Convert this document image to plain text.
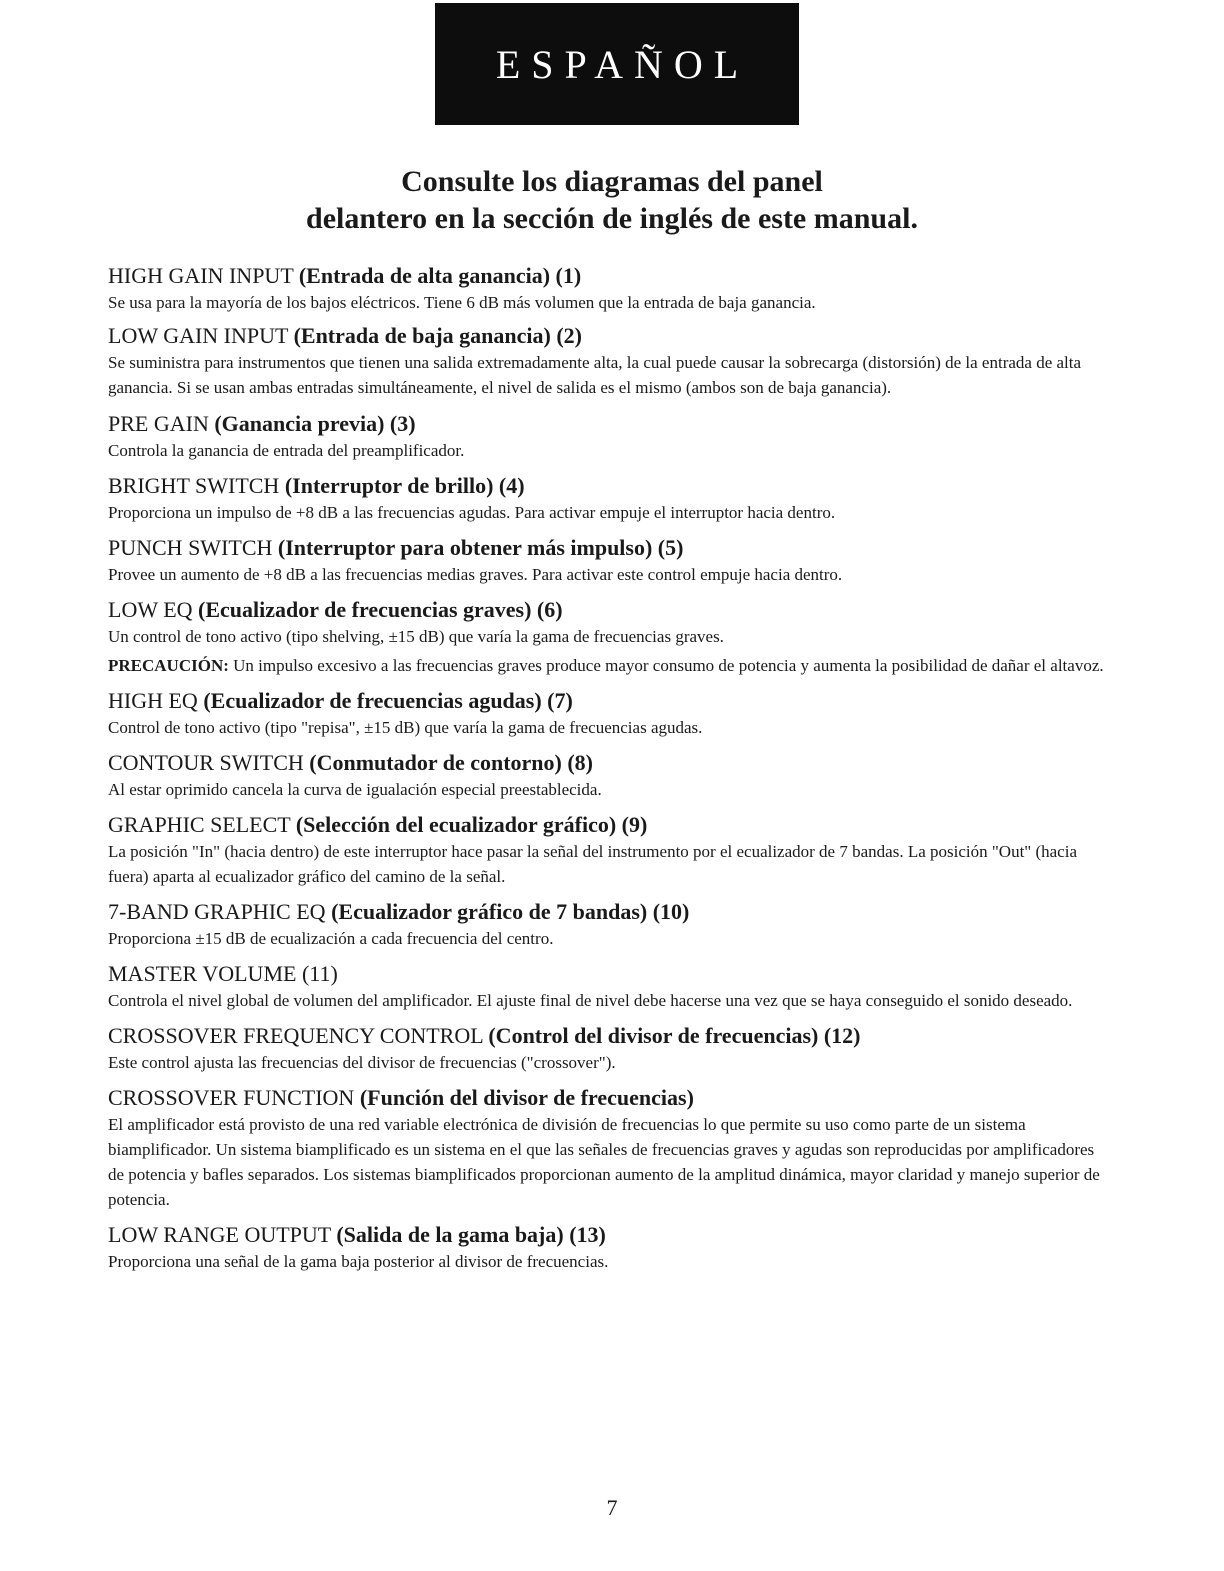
ESPAÑOL
Consulte los diagramas del panel
delantero en la sección de inglés de este manual.
HIGH GAIN INPUT (Entrada de alta ganancia) (1)

Se usa para la mayoría de los bajos eléctricos. Tiene 6 dB más volumen que la entrada de baja ganancia.

LOW GAIN INPUT (Entrada de baja ganancia) (2)

Se suministra para instrumentos que tienen una salida extremadamente alta, la cual puede causar la sobrecarga (distorsión) de la entrada de alta ganancia. Si se usan ambas entradas simultáneamente, el nivel de salida es el mismo (ambos son de baja ganancia).

PRE GAIN (Ganancia previa) (3)

Controla la ganancia de entrada del preamplificador.

BRIGHT SWITCH (Interruptor de brillo) (4)

Proporciona un impulso de +8 dB a las frecuencias agudas. Para activar empuje el interruptor hacia dentro.

PUNCH SWITCH (Interruptor para obtener más impulso) (5)

Provee un aumento de +8 dB a las frecuencias medias graves. Para activar este control empuje hacia dentro.

LOW EQ (Ecualizador de frecuencias graves) (6)

Un control de tono activo (tipo shelving, ±15 dB) que varía la gama de frecuencias graves.

PRECAUCIÓN: Un impulso excesivo a las frecuencias graves produce mayor consumo de potencia y aumenta la posibilidad de dañar el altavoz.

HIGH EQ (Ecualizador de frecuencias agudas) (7)

Control de tono activo (tipo "repisa", ±15 dB) que varía la gama de frecuencias agudas.

CONTOUR SWITCH (Conmutador de contorno) (8)

Al estar oprimido cancela la curva de igualación especial preestablecida.

GRAPHIC SELECT (Selección del ecualizador gráfico) (9)

La posición "In" (hacia dentro) de este interruptor hace pasar la señal del instrumento por el ecualizador de 7 bandas. La posición "Out" (hacia fuera) aparta al ecualizador gráfico del camino de la señal.

7-BAND GRAPHIC EQ (Ecualizador gráfico de 7 bandas) (10)

Proporciona ±15 dB de ecualización a cada frecuencia del centro.

MASTER VOLUME (11)

Controla el nivel global de volumen del amplificador. El ajuste final de nivel debe hacerse una vez que se haya conseguido el sonido deseado.

CROSSOVER FREQUENCY CONTROL (Control del divisor de frecuencias) (12)

Este control ajusta las frecuencias del divisor de frecuencias ("crossover").

CROSSOVER FUNCTION (Función del divisor de frecuencias)

El amplificador está provisto de una red variable electrónica de división de frecuencias lo que permite su uso como parte de un sistema biamplificador. Un sistema biamplificado es un sistema en el que las señales de frecuencias graves y agudas son reproducidas por amplificadores de potencia y bafles separados. Los sistemas biamplificados proporcionan aumento de la amplitud dinámica, mayor claridad y manejo superior de potencia.

LOW RANGE OUTPUT (Salida de la gama baja) (13)

Proporciona una señal de la gama baja posterior al divisor de frecuencias.

7
